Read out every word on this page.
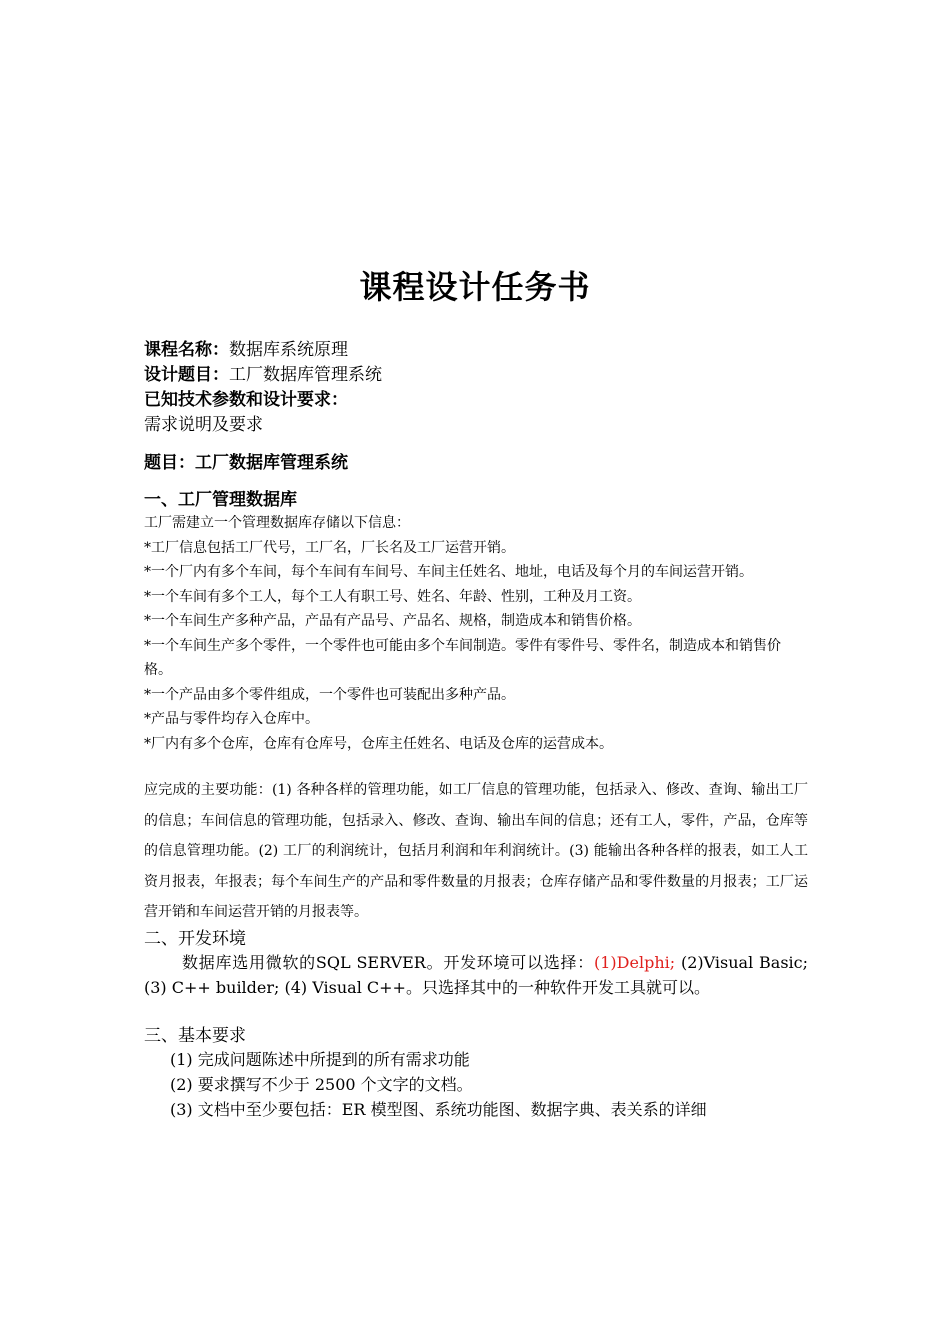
课程设计任务书

课程名称：数据库系统原理

设计题目：工厂数据库管理系统

已知技术参数和设计要求：

需求说明及要求

题目：工厂数据库管理系统
一、工厂管理数据库

工厂需建立一个管理数据库存储以下信息：

*工厂信息包括工厂代号，工厂名，厂长名及工厂运营开销。

*一个厂内有多个车间，每个车间有车间号、车间主任姓名、地址，电话及每个月的车间运营开销。

*一个车间有多个工人，每个工人有职工号、姓名、年龄、性别，工种及月工资。

*一个车间生产多种产品，产品有产品号、产品名、规格，制造成本和销售价格。

*一个车间生产多个零件，一个零件也可能由多个车间制造。零件有零件号、零件名，制造成本和销售价格。

*一个产品由多个零件组成，一个零件也可装配出多种产品。

*产品与零件均存入仓库中。

*厂内有多个仓库，仓库有仓库号，仓库主任姓名、电话及仓库的运营成本。

应完成的主要功能：(1) 各种各样的管理功能，如工厂信息的管理功能，包括录入、修改、查询、输出工厂的信息；车间信息的管理功能，包括录入、修改、查询、输出车间的信息；还有工人，零件，产品，仓库等的信息管理功能。(2) 工厂的利润统计，包括月利润和年利润统计。(3) 能输出各种各样的报表，如工人工资月报表，年报表；每个车间生产的产品和零件数量的月报表；仓库存储产品和零件数量的月报表；工厂运营开销和车间运营开销的月报表等。
二、开发环境

数据库选用微软的SQL SERVER。开发环境可以选择：(1)Delphi; (2)Visual Basic; (3) C++ builder; (4) Visual C++。只选择其中的一种软件开发工具就可以。

三、基本要求

(1) 完成问题陈述中所提到的所有需求功能

(2) 要求撰写不少于 2500 个文字的文档。

(3) 文档中至少要包括：ER 模型图、系统功能图、数据字典、表关系的详细
